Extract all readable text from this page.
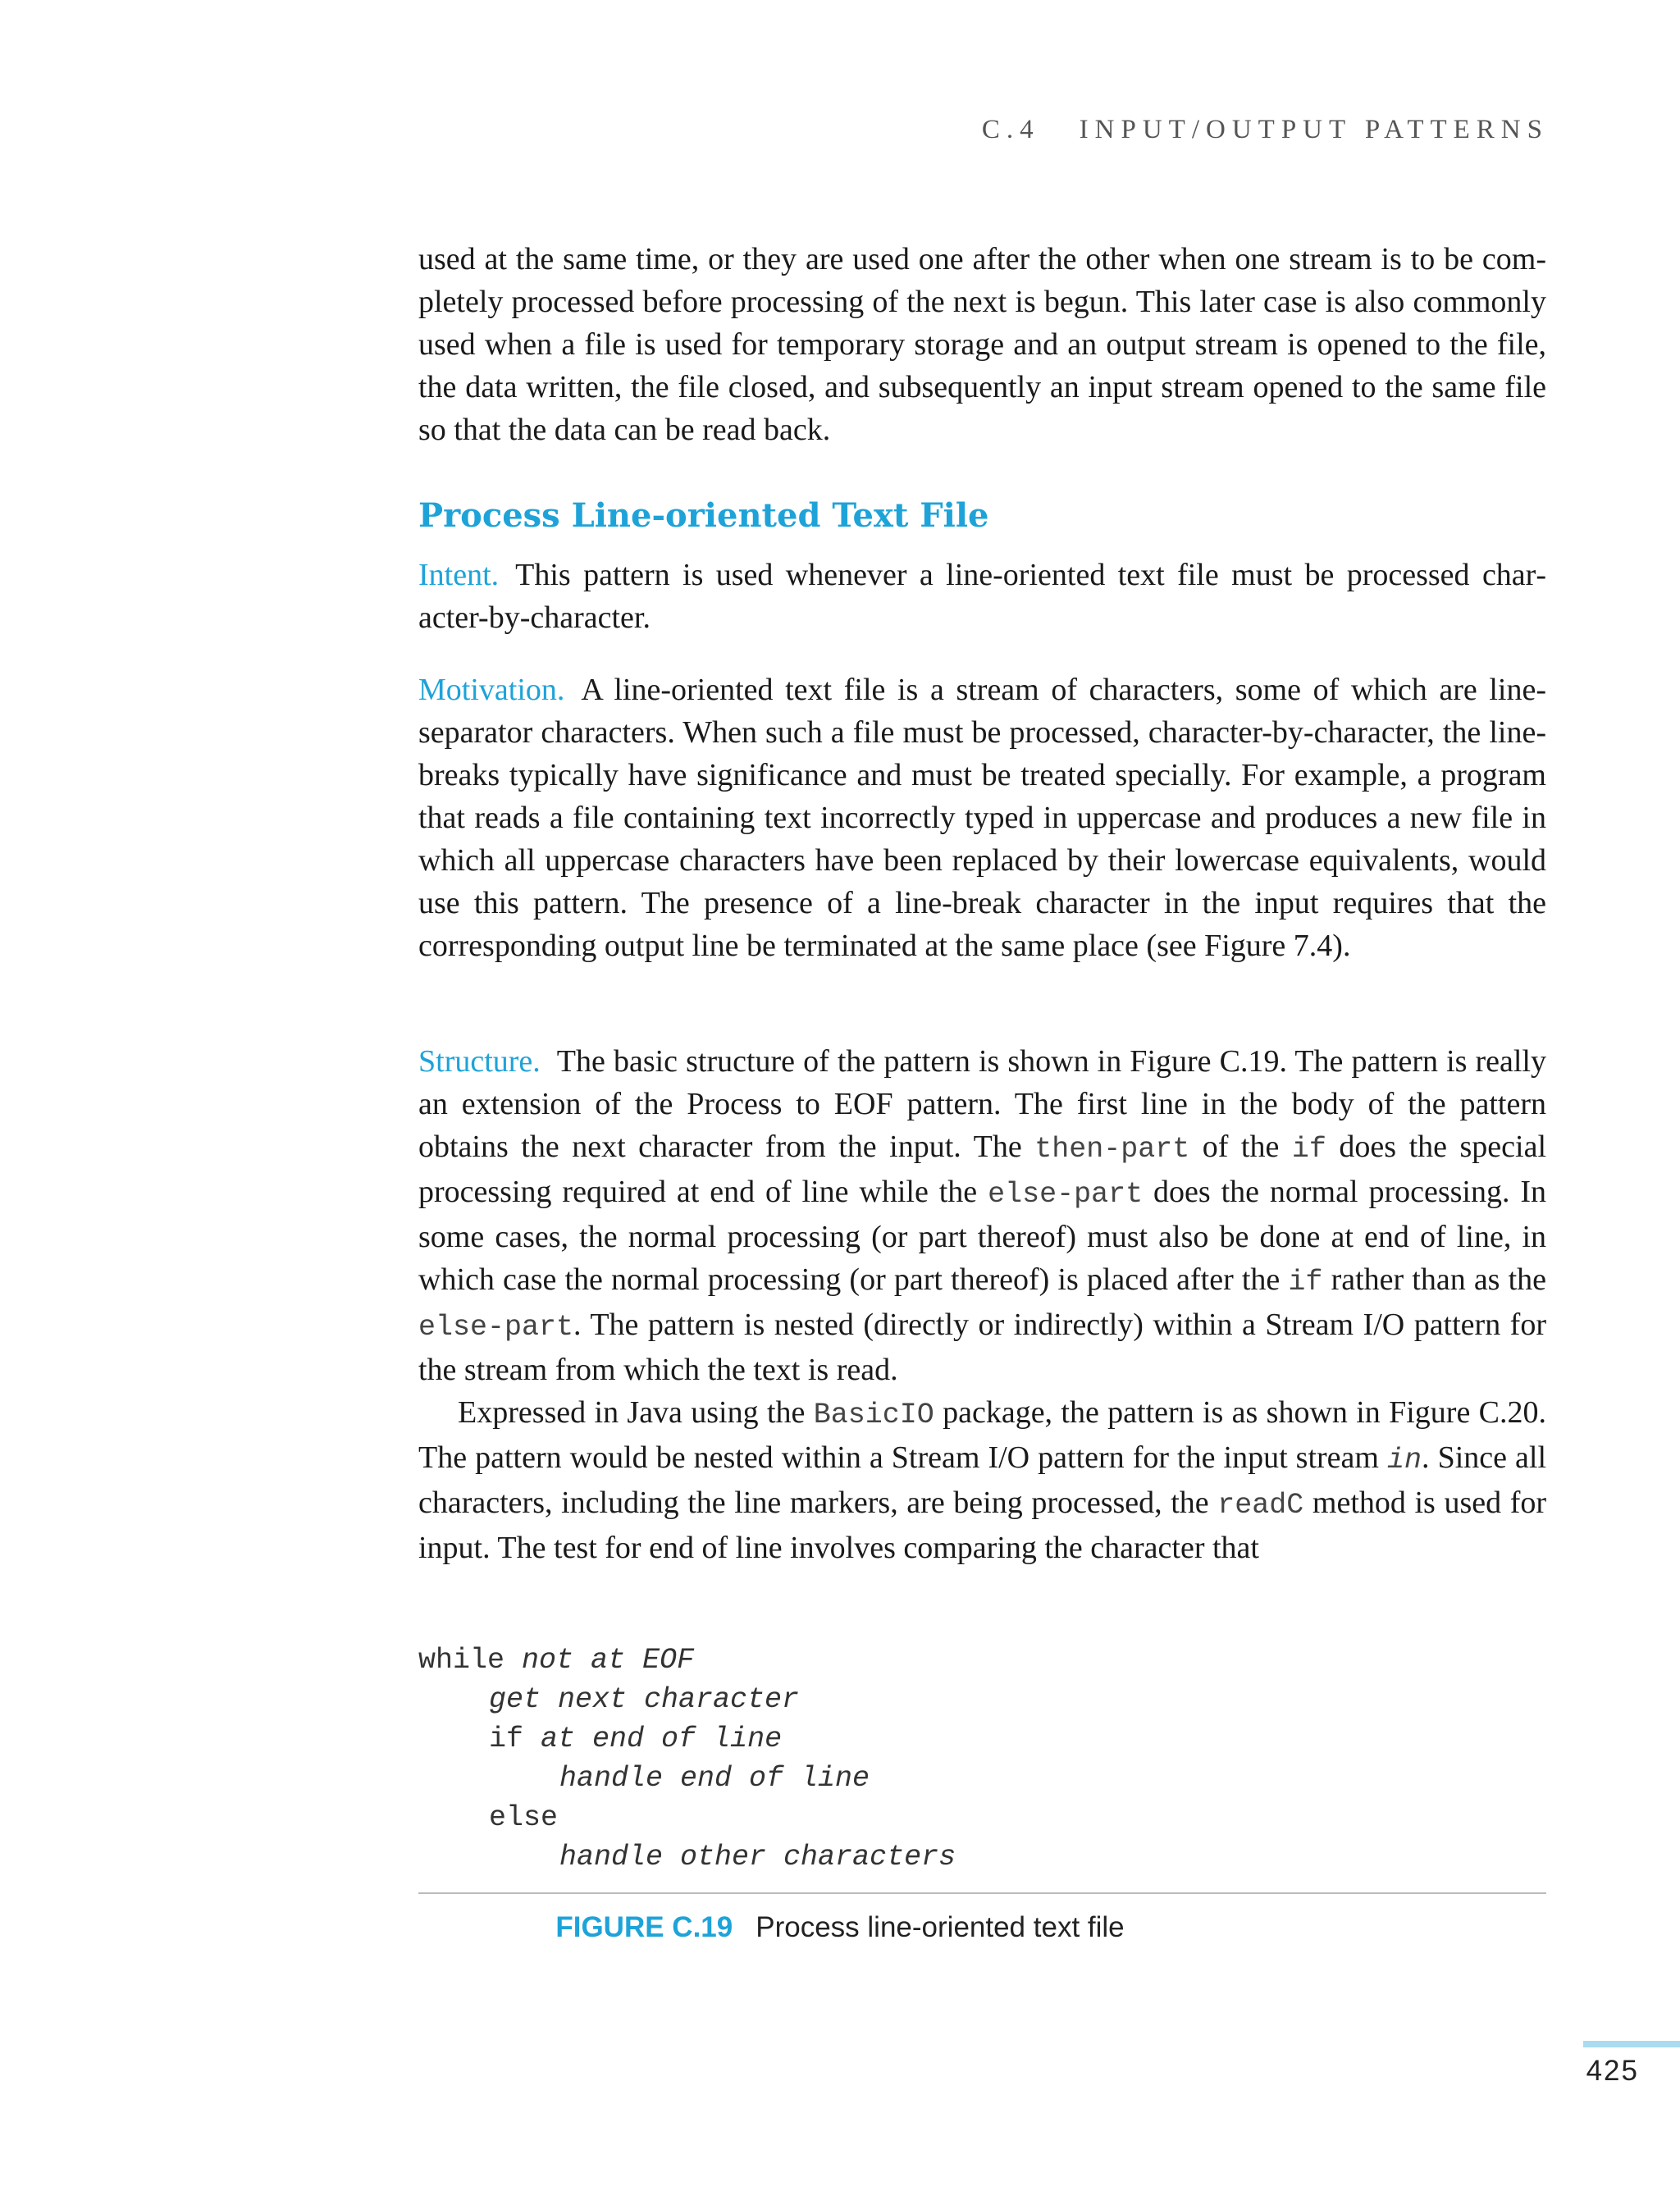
C.4 INPUT/OUTPUT PATTERNS

used at the same time, or they are used one after the other when one stream is to be completely processed before processing of the next is begun. This later case is also commonly used when a file is used for temporary storage and an output stream is opened to the file, the data written, the file closed, and subsequently an input stream opened to the same file so that the data can be read back.

Process Line-oriented Text File

Intent. This pattern is used whenever a line-oriented text file must be processed character-by-character.

Motivation. A line-oriented text file is a stream of characters, some of which are line-separator characters. When such a file must be processed, character-by-character, the line-breaks typically have significance and must be treated specially. For example, a program that reads a file containing text incorrectly typed in uppercase and produces a new file in which all uppercase characters have been replaced by their lowercase equivalents, would use this pattern. The presence of a line-break character in the input requires that the corresponding output line be terminated at the same place (see Figure 7.4).

Structure. The basic structure of the pattern is shown in Figure C.19. The pattern is really an extension of the Process to EOF pattern. The first line in the body of the pattern obtains the next character from the input. The then-part of the if does the special processing required at end of line while the else-part does the normal processing. In some cases, the normal processing (or part thereof) must also be done at end of line, in which case the normal processing (or part thereof) is placed after the if rather than as the else-part. The pattern is nested (directly or indirectly) within a Stream I/O pattern for the stream from which the text is read.

Expressed in Java using the BasicIO package, the pattern is as shown in Figure C.20. The pattern would be nested within a Stream I/O pattern for the input stream in. Since all characters, including the line markers, are being processed, the readC method is used for input. The test for end of line involves comparing the character that

while not at EOF
get next character
if at end of line
handle end of line
else
handle other characters
FIGURE C.19 Process line-oriented text file
425
